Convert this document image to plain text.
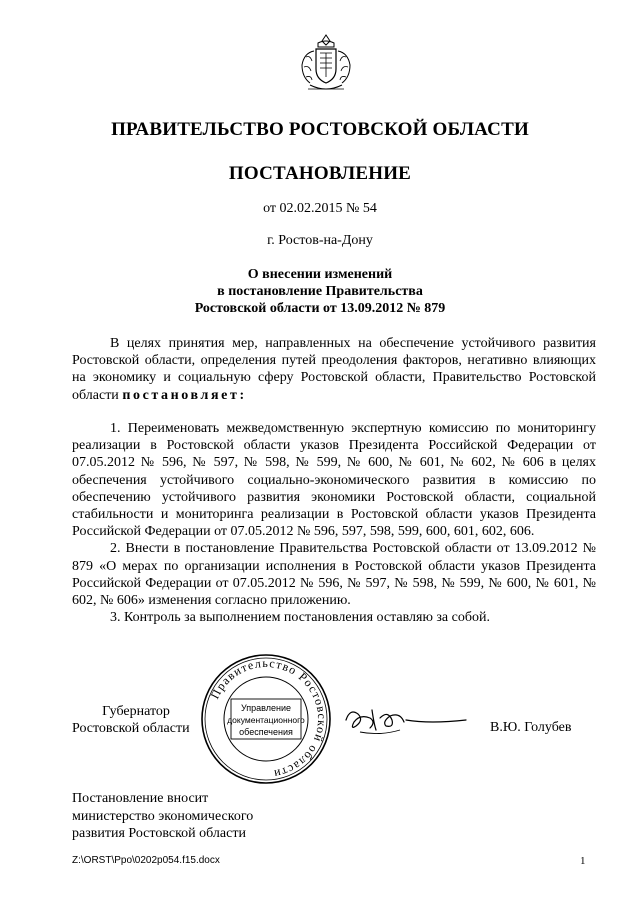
ПРАВИТЕЛЬСТВО РОСТОВСКОЙ ОБЛАСТИ
ПОСТАНОВЛЕНИЕ
от 02.02.2015 № 54
г. Ростов-на-Дону
О внесении изменений
в постановление Правительства
Ростовской области от 13.09.2012 № 879

В целях принятия мер, направленных на обеспечение устойчивого развития Ростовской области, определения путей преодоления факторов, негативно влияющих на экономику и социальную сферу Ростовской области, Правительство Ростовской области постановляет:

1. Переименовать межведомственную экспертную комиссию по мониторингу реализации в Ростовской области указов Президента Российской Федерации от 07.05.2012 № 596, № 597, № 598, № 599, № 600, № 601, № 602, № 606 в целях обеспечения устойчивого социально-экономического развития в комиссию по обеспечению устойчивого развития экономики Ростовской области, социальной стабильности и мониторинга реализации в Ростовской области указов Президента Российской Федерации от 07.05.2012 № 596, 597, 598, 599, 600, 601, 602, 606.

2. Внести в постановление Правительства Ростовской области от 13.09.2012 № 879 «О мерах по организации исполнения в Ростовской области указов Президента Российской Федерации от 07.05.2012 № 596, № 597, № 598, № 599, № 600, № 601, № 602, № 606» изменения согласно приложению.

3. Контроль за выполнением постановления оставляю за собой.

Губернатор
Ростовской области
Правительство Ростовской области
Управление
документационного
обеспечения	В.Ю. Голубев
Постановление вносит
министерство экономического
развития Ростовской области
Z:\ORST\Ppo\0202p054.f15.docx	1
